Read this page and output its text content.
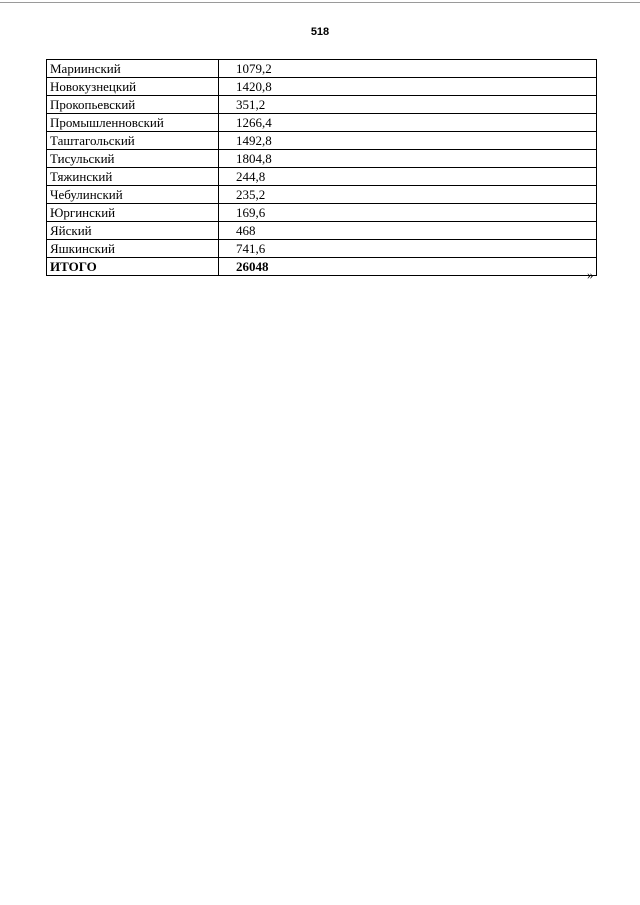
518
Мариинский	1079,2
Новокузнецкий	1420,8
Прокопьевский	351,2
Промышленновский	1266,4
Таштагольский	1492,8
Тисульский	1804,8
Тяжинский	244,8
Чебулинский	235,2
Юргинский	169,6
Яйский	468
Яшкинский	741,6
ИТОГО	26048
»
